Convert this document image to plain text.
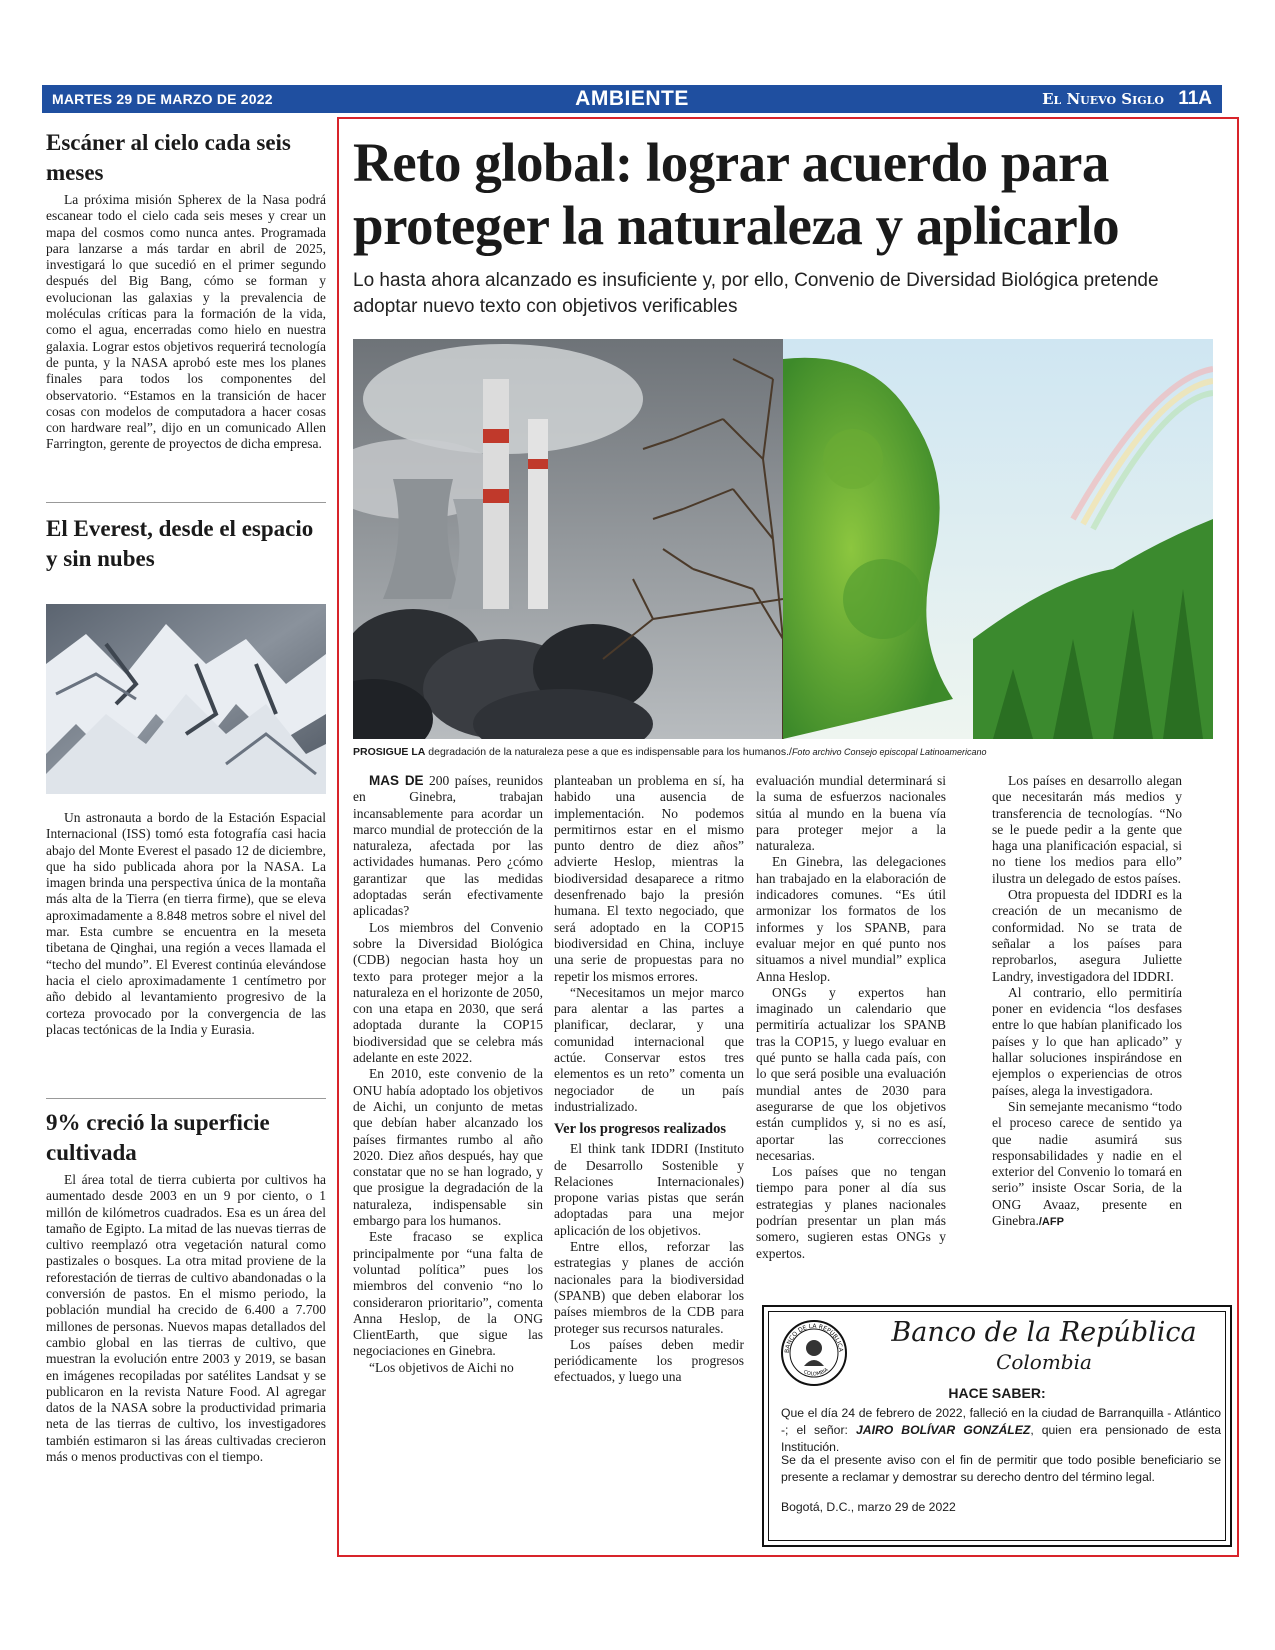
MARTES 29 DE MARZO DE 2022	AMBIENTE	El Nuevo Siglo 11A
Escáner al cielo cada seis meses

La próxima misión Spherex de la Nasa podrá escanear todo el cielo cada seis meses y crear un mapa del cosmos como nunca antes. Programada para lanzarse a más tardar en abril de 2025, investigará lo que sucedió en el primer segundo después del Big Bang, cómo se forman y evolucionan las galaxias y la prevalencia de moléculas críticas para la formación de la vida, como el agua, encerradas como hielo en nuestra galaxia. Lograr estos objetivos requerirá tecnología de punta, y la NASA aprobó este mes los planes finales para todos los componentes del observatorio. “Estamos en la transición de hacer cosas con modelos de computadora a hacer cosas con hardware real”, dijo en un comunicado Allen Farrington, gerente de proyectos de dicha empresa.

El Everest, desde el espacio y sin nubes

Un astronauta a bordo de la Estación Espacial Internacional (ISS) tomó esta fotografía casi hacia abajo del Monte Everest el pasado 12 de diciembre, que ha sido publicada ahora por la NASA. La imagen brinda una perspectiva única de la montaña más alta de la Tierra (en tierra firme), que se eleva aproximadamente a 8.848 metros sobre el nivel del mar. Esta cumbre se encuentra en la meseta tibetana de Qinghai, una región a veces llamada el “techo del mundo”. El Everest continúa elevándose hacia el cielo aproximadamente 1 centímetro por año debido al levantamiento progresivo de la corteza provocado por la convergencia de las placas tectónicas de la India y Eurasia.

9% creció la superficie cultivada

El área total de tierra cubierta por cultivos ha aumentado desde 2003 en un 9 por ciento, o 1 millón de kilómetros cuadrados. Esa es un área del tamaño de Egipto. La mitad de las nuevas tierras de cultivo reemplazó otra vegetación natural como pastizales o bosques. La otra mitad proviene de la reforestación de tierras de cultivo abandonadas o la conversión de pastos. En el mismo periodo, la población mundial ha crecido de 6.400 a 7.700 millones de personas. Nuevos mapas detallados del cambio global en las tierras de cultivo, que muestran la evolución entre 2003 y 2019, se basan en imágenes recopiladas por satélites Landsat y se publicaron en la revista Nature Food. Al agregar datos de la NASA sobre la productividad primaria neta de las tierras de cultivo, los investigadores también estimaron si las áreas cultivadas crecieron más o menos productivas con el tiempo.

Reto global: lograr acuerdo para proteger la naturaleza y aplicarlo
Lo hasta ahora alcanzado es insuficiente y, por ello, Convenio de Diversidad Biológica pretende adoptar nuevo texto con objetivos verificables
PROSIGUE LA degradación de la naturaleza pese a que es indispensable para los humanos./Foto archivo Consejo episcopal Latinoamericano

MAS DE 200 países, reunidos en Ginebra, trabajan incansablemente para acordar un marco mundial de protección de la naturaleza, afectada por las actividades humanas. Pero ¿cómo garantizar que las medidas adoptadas serán efectivamente aplicadas?

Los miembros del Convenio sobre la Diversidad Biológica (CDB) negocian hasta hoy un texto para proteger mejor a la naturaleza en el horizonte de 2050, con una etapa en 2030, que será adoptada durante la COP15 biodiversidad que se celebra más adelante en este 2022.

En 2010, este convenio de la ONU había adoptado los objetivos de Aichi, un conjunto de metas que debían haber alcanzado los países firmantes rumbo al año 2020. Diez años después, hay que constatar que no se han logrado, y que prosigue la degradación de la naturaleza, indispensable sin embargo para los humanos.

Este fracaso se explica principalmente por “una falta de voluntad política” pues los miembros del convenio “no lo consideraron prioritario”, comenta Anna Heslop, de la ONG ClientEarth, que sigue las negociaciones en Ginebra.

“Los objetivos de Aichi no

planteaban un problema en sí, ha habido una ausencia de implementación. No podemos permitirnos estar en el mismo punto dentro de diez años” advierte Heslop, mientras la biodiversidad desaparece a ritmo desenfrenado bajo la presión humana. El texto negociado, que será adoptado en la COP15 biodiversidad en China, incluye una serie de propuestas para no repetir los mismos errores.

“Necesitamos un mejor marco para alentar a las partes a planificar, declarar, y una comunidad internacional que actúe. Conservar estos tres elementos es un reto” comenta un negociador de un país industrializado.

Ver los progresos realizados

El think tank IDDRI (Instituto de Desarrollo Sostenible y Relaciones Internacionales) propone varias pistas que serán adoptadas para una mejor aplicación de los objetivos.

Entre ellos, reforzar las estrategias y planes de acción nacionales para la biodiversidad (SPANB) que deben elaborar los países miembros de la CDB para proteger sus recursos naturales.

Los países deben medir periódicamente los progresos efectuados, y luego una

evaluación mundial determinará si la suma de esfuerzos nacionales sitúa al mundo en la buena vía para proteger mejor a la naturaleza.

En Ginebra, las delegaciones han trabajado en la elaboración de indicadores comunes. “Es útil armonizar los formatos de los informes y los SPANB, para evaluar mejor en qué punto nos situamos a nivel mundial” explica Anna Heslop.

ONGs y expertos han imaginado un calendario que permitiría actualizar los SPANB tras la COP15, y luego evaluar en qué punto se halla cada país, con lo que será posible una evaluación mundial antes de 2030 para asegurarse de que los objetivos están cumplidos y, si no es así, aportar las correcciones necesarias.

Los países que no tengan tiempo para poner al día sus estrategias y planes nacionales podrían presentar un plan más somero, sugieren estas ONGs y expertos.

Los países en desarrollo alegan que necesitarán más medios y transferencia de tecnologías. “No se le puede pedir a la gente que haga una planificación espacial, si no tiene los medios para ello” ilustra un delegado de estos países.

Otra propuesta del IDDRI es la creación de un mecanismo de conformidad. No se trata de señalar a los países para reprobarlos, asegura Juliette Landry, investigadora del IDDRI.

Al contrario, ello permitiría poner en evidencia “los desfases entre lo que habían planificado los países y lo que han aplicado” y hallar soluciones inspirándose en ejemplos o experiencias de otros países, alega la investigadora.

Sin semejante mecanismo “todo el proceso carece de sentido ya que nadie asumirá sus responsabilidades y nadie en el exterior del Convenio lo tomará en serio” insiste Oscar Soria, de la ONG Avaaz, presente en Ginebra./AFP

BANCO DE LA REPÚBLICA
COLOMBIA
Banco de la República
Colombia
HACE SABER:

Que el día 24 de febrero de 2022, falleció en la ciudad de Barranquilla - Atlántico -; el señor: JAIRO BOLÍVAR GONZÁLEZ, quien era pensionado de esta Institución.

Se da el presente aviso con el fin de permitir que todo posible beneficiario se presente a reclamar y demostrar su derecho dentro del término legal.

Bogotá, D.C., marzo 29 de 2022
